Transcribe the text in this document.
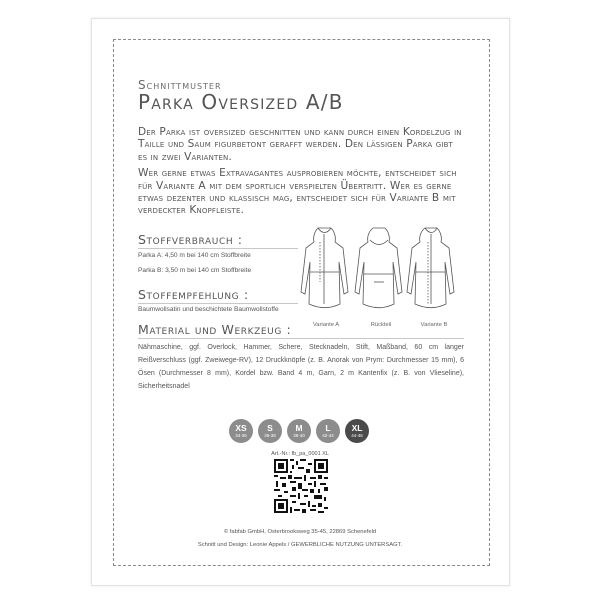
Schnittmuster
Parka Oversized A/B

Der Parka ist oversized geschnitten und kann durch einen Kordelzug in Taille und Saum figurbetont gerafft werden. Den lässigen Parka gibt es in zwei Varianten.

Wer gerne etwas Extravagantes ausprobieren möchte, entscheidet sich für Variante A mit dem sportlich verspielten Übertritt. Wer es gerne etwas dezenter und klassisch mag, entscheidet sich für Variante B mit verdeckter Knopfleiste.

Stoffverbrauch :
Parka A: 4,50 m bei 140 cm Stoffbreite
Parka B: 3,50 m bei 140 cm Stoffbreite
Stoffempfehlung :
Baumwollsatin und beschichtete Baumwollstoffe
Material und Werkzeug :
Nähmaschine, ggf. Overlock, Hammer, Schere, Stecknadeln, Stift, Maßband, 60 cm langer Reißverschluss (ggf. Zweiwege-RV), 12 Druckknöpfe (z. B. Anorak von Prym: Durchmesser 15 mm), 6 Ösen (Durchmesser 8 mm), Kordel bzw. Band 4 m, Garn, 2 m Kantenfix (z. B. von Vlieseline), Sicherheitsnadel
Variante A	Rückteil	Variante B
XS
34-36
S
36-38
M
38-40
L
42-44
XL
44-46
Art.-Nr.: fb_pa_0001 XL
© fabfab GmbH, Osterbrooksweg 35-45, 22869 Schenefeld
Schnitt und Design: Leonie Appels / GEWERBLICHE NUTZUNG UNTERSAGT.
